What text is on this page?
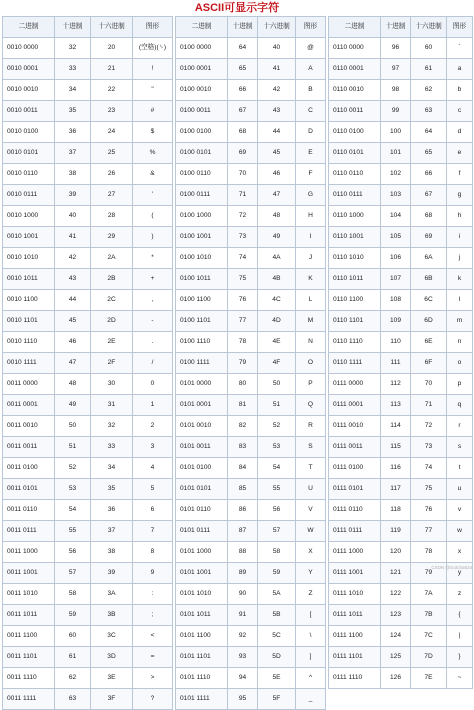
ASCII可显示字符
二进制	十进制	十六进制	图形
0010 0000	32	20	(空格)(␠)
0010 0001	33	21	!
0010 0010	34	22	"
0010 0011	35	23	#
0010 0100	36	24	$
0010 0101	37	25	%
0010 0110	38	26	&
0010 0111	39	27	'
0010 1000	40	28	(
0010 1001	41	29	)
0010 1010	42	2A	*
0010 1011	43	2B	+
0010 1100	44	2C	,
0010 1101	45	2D	-
0010 1110	46	2E	.
0010 1111	47	2F	/
0011 0000	48	30	0
0011 0001	49	31	1
0011 0010	50	32	2
0011 0011	51	33	3
0011 0100	52	34	4
0011 0101	53	35	5
0011 0110	54	36	6
0011 0111	55	37	7
0011 1000	56	38	8
0011 1001	57	39	9
0011 1010	58	3A	:
0011 1011	59	3B	;
0011 1100	60	3C	<
0011 1101	61	3D	=
0011 1110	62	3E	>
0011 1111	63	3F	?
二进制	十进制	十六进制	图形
0100 0000	64	40	@
0100 0001	65	41	A
0100 0010	66	42	B
0100 0011	67	43	C
0100 0100	68	44	D
0100 0101	69	45	E
0100 0110	70	46	F
0100 0111	71	47	G
0100 1000	72	48	H
0100 1001	73	49	I
0100 1010	74	4A	J
0100 1011	75	4B	K
0100 1100	76	4C	L
0100 1101	77	4D	M
0100 1110	78	4E	N
0100 1111	79	4F	O
0101 0000	80	50	P
0101 0001	81	51	Q
0101 0010	82	52	R
0101 0011	83	53	S
0101 0100	84	54	T
0101 0101	85	55	U
0101 0110	86	56	V
0101 0111	87	57	W
0101 1000	88	58	X
0101 1001	89	59	Y
0101 1010	90	5A	Z
0101 1011	91	5B	[
0101 1100	92	5C	\
0101 1101	93	5D	]
0101 1110	94	5E	^
0101 1111	95	5F	_
二进制	十进制	十六进制	图形
0110 0000	96	60	`
0110 0001	97	61	a
0110 0010	98	62	b
0110 0011	99	63	c
0110 0100	100	64	d
0110 0101	101	65	e
0110 0110	102	66	f
0110 0111	103	67	g
0110 1000	104	68	h
0110 1001	105	69	i
0110 1010	106	6A	j
0110 1011	107	6B	k
0110 1100	108	6C	l
0110 1101	109	6D	m
0110 1110	110	6E	n
0110 1111	111	6F	o
0111 0000	112	70	p
0111 0001	113	71	q
0111 0010	114	72	r
0111 0011	115	73	s
0111 0100	116	74	t
0111 0101	117	75	u
0111 0110	118	76	v
0111 0111	119	77	w
0111 1000	120	78	x
0111 1001	121	79	y
0111 1010	122	7A	z
0111 1011	123	7B	{
0111 1100	124	7C	|
0111 1101	125	7D	}
0111 1110	126	7E	~
CSDN @Gotcha624
